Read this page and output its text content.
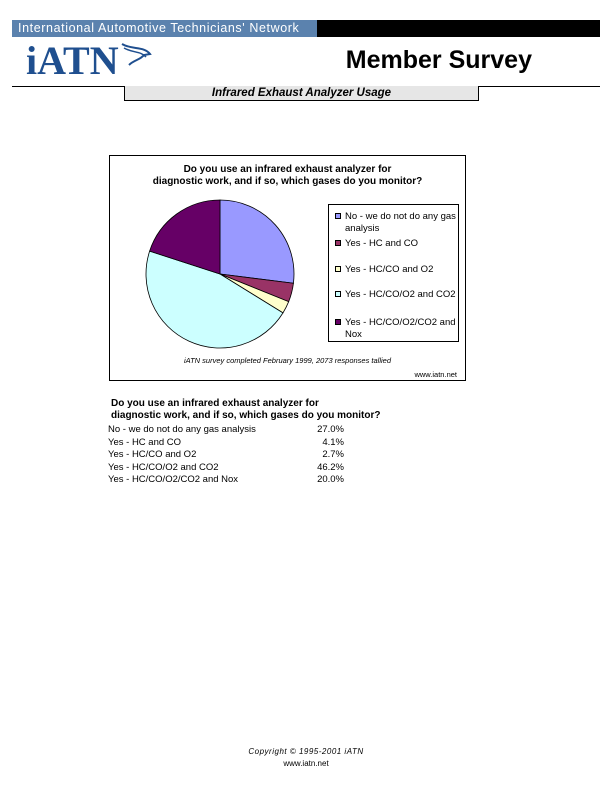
International Automotive Technicians' Network
iATN	Member Survey
Infrared Exhaust Analyzer Usage
Do you use an infrared exhaust analyzer for
diagnostic work, and if so, which gases do you monitor?
No - we do not do any gas
analysis
Yes - HC and CO
Yes - HC/CO and O2
Yes - HC/CO/O2 and CO2
Yes - HC/CO/O2/CO2 and
Nox
iATN survey completed February 1999, 2073 responses tallied
www.iatn.net
Do you use an infrared exhaust analyzer for
diagnostic work, and if so, which gases do you monitor?
No - we do not do any gas analysis	27.0%
Yes - HC and CO	4.1%
Yes - HC/CO and O2	2.7%
Yes - HC/CO/O2 and CO2	46.2%
Yes - HC/CO/O2/CO2 and Nox	20.0%
Copyright © 1995-2001 iATN
www.iatn.net
